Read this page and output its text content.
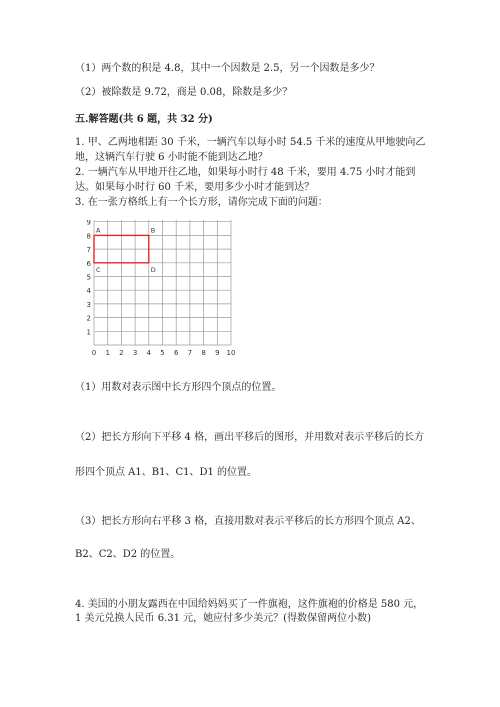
（1）两个数的积是 4.8，其中一个因数是 2.5，另一个因数是多少？
（2）被除数是 9.72，商是 0.08，除数是多少？
五.解答题(共 6 题，共 32 分)
1. 甲、乙两地相距 30 千米，一辆汽车以每小时 54.5 千米的速度从甲地驶向乙
地，这辆汽车行驶 6 小时能不能到达乙地？
2. 一辆汽车从甲地开往乙地，如果每小时行 48 千米，要用 4.75 小时才能到
达。如果每小时行 60 千米，要用多少小时才能到达？
3. 在一张方格纸上有一个长方形，请你完成下面的问题：
9
8
7
6
5
4
3
2
1
0 1 2 3 4 5 6 7 8 9 10
A	B
C	D
（1）用数对表示图中长方形四个顶点的位置。
（2）把长方形向下平移 4 格，画出平移后的图形，并用数对表示平移后的长方
形四个顶点 A1、B1、C1、D1 的位置。
（3）把长方形向右平移 3 格，直接用数对表示平移后的长方形四个顶点 A2、
B2、C2、D2 的位置。
4. 美国的小朋友露西在中国给妈妈买了一件旗袍，这件旗袍的价格是 580 元，
1 美元兑换人民币 6.31 元，她应付多少美元？(得数保留两位小数)
